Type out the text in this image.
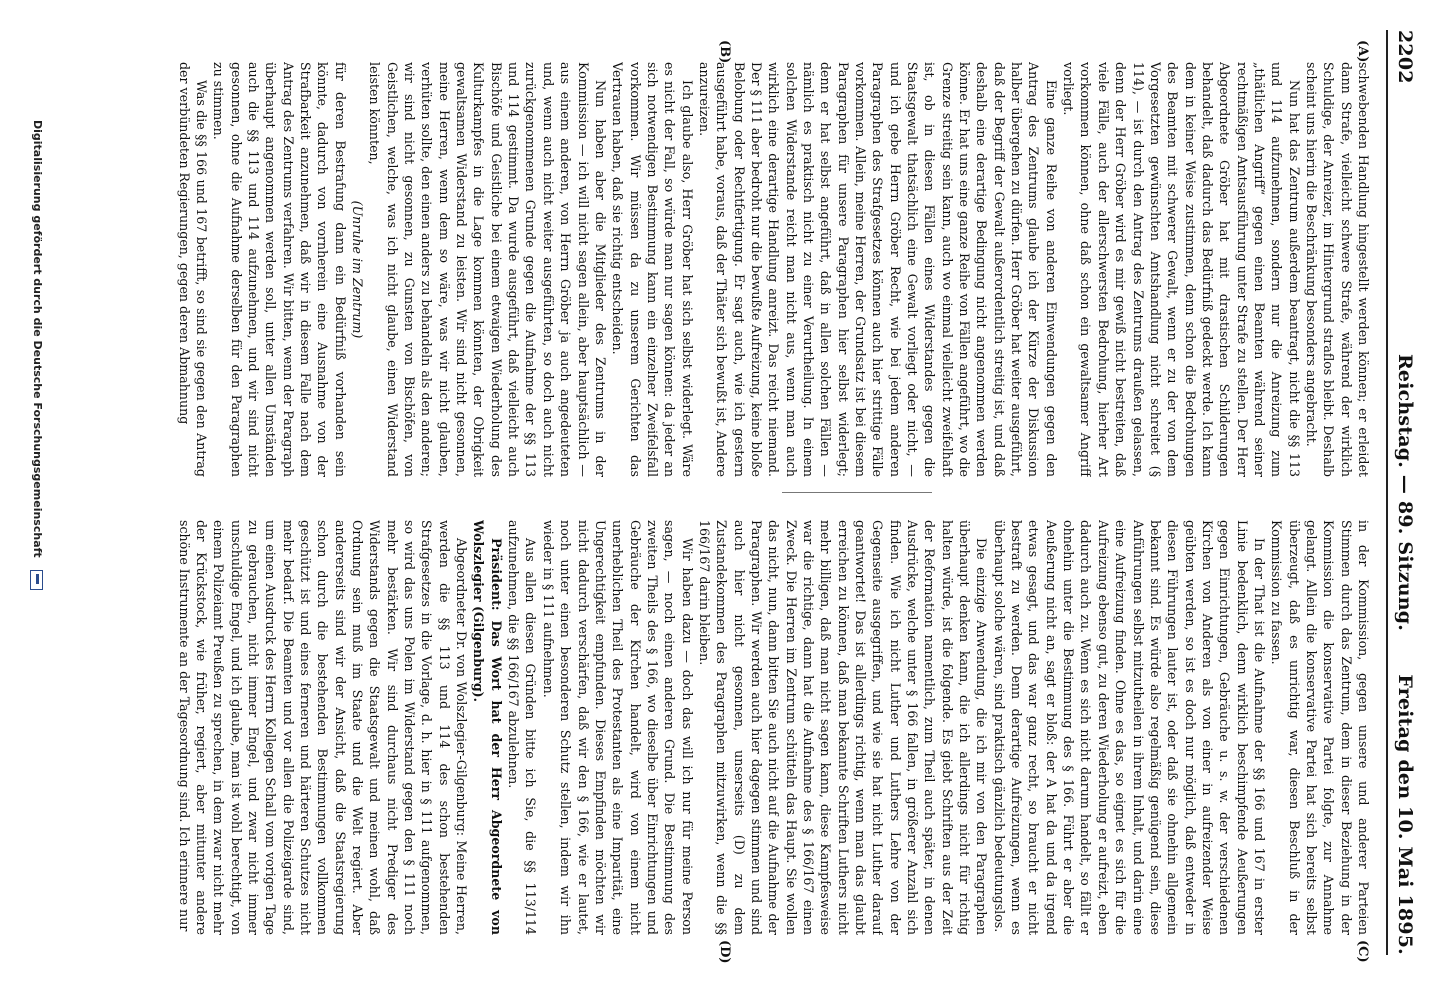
2202
Reichstag. — 89. Sitzung.
Freitag den 10. Mai 1895.
(A)
(B)
(C)
(D)

schwebenden Handlung hingestellt werden können; er erleidet dann Strafe, vielleicht schwere Strafe, während der wirklich Schuldige, der Anreizer, im Hintergrund straflos bleibt. Deshalb scheint uns hierin die Beschränkung besonders angebracht.

Nun hat das Zentrum außerdem beantragt, nicht die §§ 113 und 114 aufzunehmen, sondern nur die Anreizung zum „thätlichen Angriff“ gegen einen Beamten während seiner rechtmäßigen Amtsausführung unter Strafe zu stellen. Der Herr Abgeordnete Gröber hat mit drastischen Schilderungen behandelt, daß dadurch das Bedürfniß gedeckt werde. Ich kann dem in keiner Weise zustimmen, denn schon die Bedrohungen des Beamten mit schwerer Gewalt, wenn er zu der von dem Vorgesetzten gewünschten Amtshandlung nicht schreitet (§ 114), — ist durch den Antrag des Zentrums draußen gelassen, denn der Herr Gröber wird es mir gewiß nicht bestreiten, daß viele Fälle, auch der allerschwersten Bedrohung, hierher Art vorkommen können, ohne daß schon ein gewaltsamer Angriff vorliegt.

Eine ganze Reihe von anderen Einwendungen gegen den Antrag des Zentrums glaube ich der Kürze der Diskussion halber übergehen zu dürfen. Herr Gröber hat weiter ausgeführt, daß der Begriff der Gewalt außerordentlich streitig ist, und daß deshalb eine derartige Bedingung nicht angenommen werden könne. Er hat uns eine ganze Reihe von Fällen angeführt, wo die Grenze streitig sein kann, auch wo einmal vielleicht zweifelhaft ist, ob in diesen Fällen eines Widerstandes gegen die Staatsgewalt thatsächlich eine Gewalt vorliegt oder nicht, — und ich gebe Herrn Gröber Recht, wie bei jedem anderen Paragraphen des Strafgesetzes können auch hier strittige Fälle vorkommen. Allein, meine Herren, der Grundsatz ist bei diesem Paragraphen für unsere Paragraphen hier selbst widerlegt; denn er hat selbst angeführt, daß in allen solchen Fällen — nämlich es praktisch nicht zu einer Verurtheilung. In einem solchen Widerstande reicht man nicht aus, wenn man auch wirklich eine derartige Handlung anreizt. Das reicht niemand. Der § 111 aber bedroht nur die bewußte Aufreizung, keine bloße Belobung oder Rechtfertigung. Er sagt auch, wie ich gestern ausgeführt habe, voraus, daß der Thäter sich bewußt ist, Andere anzureizen.

Ich glaube also, Herr Gröber hat sich selbst widerlegt. Wäre es nicht der Fall, so würde man nur sagen können: da jeder an sich notwendigen Bestimmung kann ein einzelner Zweifelsfall vorkommen. Wir müssen da zu unserem Gerichten das Vertrauen haben, daß sie richtig entscheiden.

Nun haben aber die Mitglieder des Zentrums in der Kommission — ich will nicht sagen allein, aber hauptsächlich — aus einem anderen, von Herrn Gröber ja auch angedeuteten und, wenn auch nicht weiter ausgeführten, so doch auch nicht zurückgenommenen Grunde gegen die Aufnahme der §§ 113 und 114 gestimmt. Da wurde ausgeführt, daß vielleicht auch Bischöfe und Geistliche bei einem etwaigen Wiederholung des Kulturkampfes in die Lage kommen könnten, der Obrigkeit gewaltsamen Widerstand zu leisten. Wir sind nicht gesonnen, meine Herren, wenn dem so wäre, was wir nicht glauben, verhüten sollte, den einen anders zu behandeln als den anderen; wir sind nicht gesonnen, zu Gunsten von Bischöfen, von Geistlichen, welche, was ich nicht glaube, einen Widerstand leisten könnten,

(Unruhe im Zentrum)

für deren Bestrafung dann ein Bedürfniß vorhanden sein könnte, dadurch von vornherein eine Ausnahme von der Strafbarkeit anzunehmen, daß wir in diesem Falle nach dem Antrag des Zentrums verfahren. Wir bitten, wenn der Paragraph überhaupt angenommen werden soll, unter allen Umständen auch die §§ 113 und 114 aufzunehmen, und wir sind nicht gesonnen, ohne die Aufnahme derselben für den Paragraphen zu stimmen.

Was die §§ 166 und 167 betrifft, so sind sie gegen den Antrag der verbündeten Regierungen, gegen deren Abmahnung

in der Kommission, gegen unsere und anderer Parteien Stimmen durch das Zentrum, dem in dieser Beziehung in der Kommission die konservative Partei folgte, zur Annahme gelangt. Allein die konservative Partei hat sich bereits selbst überzeugt, daß es unrichtig war, diesen Beschluß in der Kommission zu fassen.

In der That ist die Aufnahme der §§ 166 und 167 in erster Linie bedenklich, denn wirklich beschimpfende Aeußerungen gegen Einrichtungen, Gebräuche u. s. w. der verschiedenen Kirchen von Anderen als von einer in aufreizender Weise geübten werden, so ist es doch nur möglich, daß entweder in diesen Führungen lauter ist, oder daß sie ohnehin allgemein bekannt sind. Es würde also regelmäßig genügend sein, diese Anführungen selbst mitzutheilen in ihrem Inhalt, und darin eine eine Aufreizung finden. Ohne es das, so eignet es sich für die Aufreizung ebenso gut, zu deren Wiederholung er aufreizt, eben dadurch auch zu. Wenn es sich nicht darum handelt, so fällt er ohnehin unter die Bestimmung des § 166. Führt er aber die Aeußerung nicht an, sagt er bloß: der A hat da und da irgend etwas gesagt, und das war ganz recht, so braucht er nicht bestraft zu werden. Denn derartige Aufreizungen, wenn es überhaupt solche wären, sind praktisch gänzlich bedeutungslos.

Die einzige Anwendung, die ich mir von den Paragraphen überhaupt denken kann, die ich allerdings nicht für richtig halten würde, ist die folgende. Es giebt Schriften aus der Zeit der Reformation namentlich, zum Theil auch später, in denen Ausdrücke, welche unter § 166 fallen, in größerer Anzahl sich finden. Wie ich nicht Luther und Luthers Lehre von der Gegenseite ausgegriffen, und wie sie hat nicht Luther darauf geantwortet! Das ist allerdings richtig, wenn man das glaubt erreichen zu können, daß man bekannte Schriften Luthers nicht mehr billigen, daß man nicht sagen kann, diese Kampfesweise war die richtige, dann hat die Aufnahme des § 166/167 einen Zweck. Die Herren im Zentrum schütteln das Haupt. Sie wollen das nicht, nun, dann bitten Sie auch nicht auf die Aufnahme der Paragraphen. Wir werden auch hier dagegen stimmen und sind auch hier nicht gesonnen, unserseits (D) zu dem Zustandekommen des Paragraphen mitzuwirken, wenn die §§ 166/167 darin bleiben.

Wir haben dazu — doch das will ich nur für meine Person sagen, — noch einen anderen Grund. Die Bestimmung des zweiten Theils des § 166, wo dieselbe über Einrichtungen und Gebräuche der Kirchen handelt, wird von einem nicht unerheblichen Theil des Protestanten als eine Imparität, eine Ungerechtigkeit empfunden. Dieses Empfinden möchten wir nicht dadurch verschärfen, daß wir den § 166, wie er lautet, noch unter einen besonderen Schutz stellen, indem wir ihn wieder in § 111 aufnehmen.

Aus allen diesen Gründen bitte ich Sie, die §§ 113/114 aufzunehmen, die §§ 166/167 abzulehnen.

Präsident: Das Wort hat der Herr Abgeordnete von Wolszlegier (Gilgenburg).

Abgeordneter Dr. von Wolszlegier-Gilgenburg: Meine Herren, werden die §§ 113 und 114 des schon bestehenden Strafgesetzes in die Vorlage, d. h. hier in § 111 aufgenommen, so wird das uns Polen im Widerstand gegen den § 111 noch mehr bestärken. Wir sind durchaus nicht Prediger des Widerstands gegen die Staatsgewalt und meinen wohl, daß Ordnung sein muß im Staate und die Welt regiert. Aber andererseits sind wir der Ansicht, daß die Staatsregierung schon durch die bestehenden Bestimmungen vollkommen geschützt ist und eines ferneren und härteren Schutzes nicht mehr bedarf. Die Beamten und vor allen die Polizeigarde sind, um einen Ausdruck des Herrn Kollegen Schall vom vorigen Tage zu gebrauchen, nicht immer Engel, und zwar nicht immer unschuldige Engel, und ich glaube, man ist wohl berechtigt, von einem Polizeiamt Preußen zu sprechen, in dem zwar nicht mehr der Krückstock, wie früher, regiert, aber mitunter andere schöne Instrumente an der Tagesordnung sind. Ich erinnere nur

Digitalisierung gefördert durch die Deutsche Forschungsgemeinschaft
